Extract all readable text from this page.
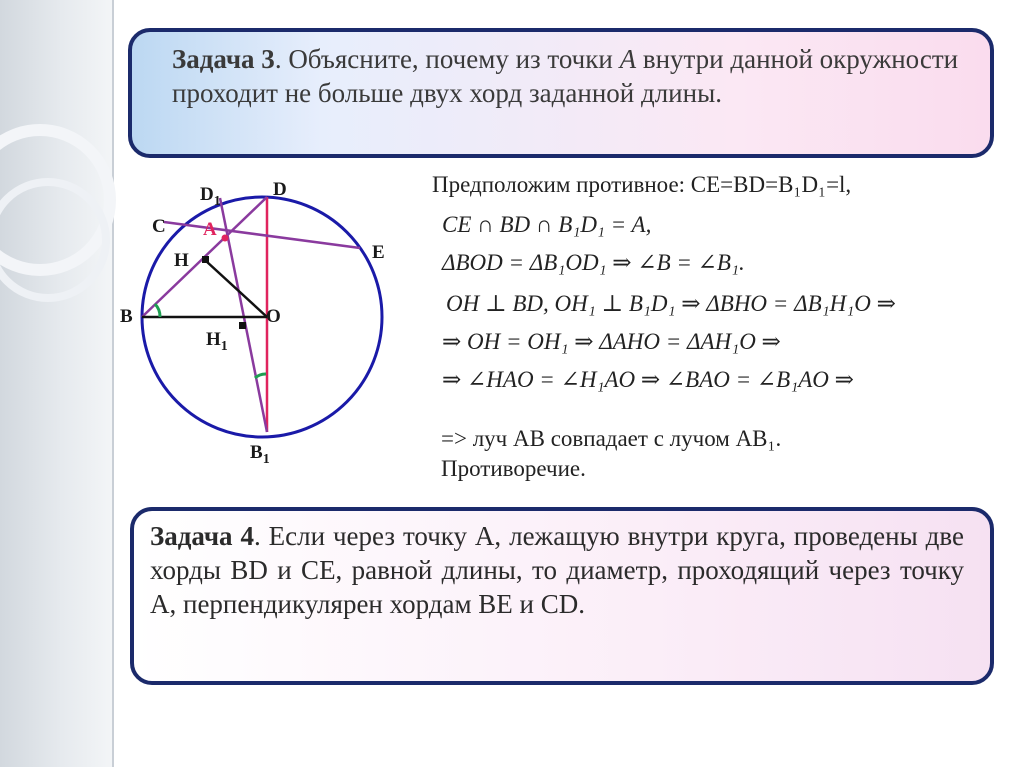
Задача 3. Объясните, почему из точки A внутри данной окружности проходит не больше двух хорд заданной длины.
$D_1$
D
C A
E
H
B	O
$H_1$
$B_1$
Предположим противное: CE=BD=B₁D₁=l,
CE ∩ BD ∩ B₁D₁ = A,
ΔBOD = ΔB₁OD₁ ⇒ ∠B = ∠B₁.
OH ⊥ BD, OH₁ ⊥ B₁D₁ ⇒ ΔBHO = ΔB₁H₁O ⇒
⇒ OH = OH₁ ⇒ ΔAHO = ΔAH₁O ⇒
⇒ ∠HAO = ∠H₁AO ⇒ ∠BAO = ∠B₁AO ⇒
=> луч AB совпадает с лучом AB₁.
Противоречие.
Задача 4. Если через точку A, лежащую внутри круга, проведены две хорды BD и CE, равной длины, то диаметр, проходящий через точку A, перпендикулярен хордам BE и CD.
